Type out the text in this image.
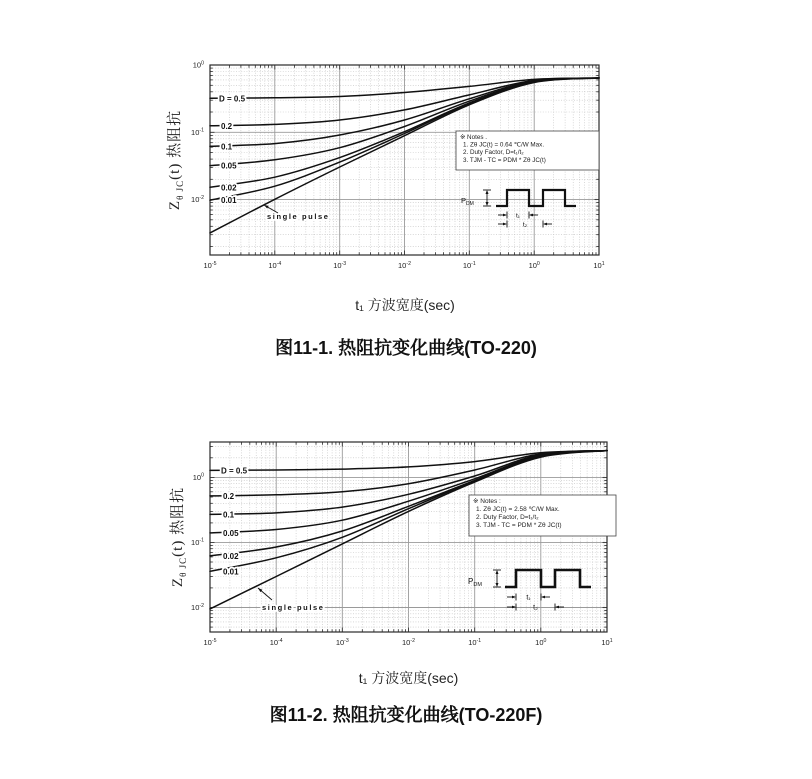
$10^{-5}$	$10^{-4}$	$10^{-3}$	$10^{-2}$	$10^{-1}$	$10^0$	$10^1$
$10^0$
$10^{-1}$
$10^{-2}$
D = 0.5
0.2
0.1
0.05
0.02
0.01
single pulse
※ Notes .
1. Zθ JC(t) = 0.64 ℃/W Max.
2. Duty Factor, D=t₁/t₂
3. TJM - TC = PDM * Zθ JC(t)
$P_{DM}$
t₁
t₂
$10^{-5}$	$10^{-4}$	$10^{-3}$	$10^{-2}$	$10^{-1}$	$10^0$	$10^1$
$10^0$
$10^{-1}$
$10^{-2}$
D = 0.5
0.2
0.1
0.05
0.02
0.01
single pulse
※ Notes :
1. Zθ JC(t) = 2.58 ℃/W Max.
2. Duty Factor, D=t₁/t₂
3. TJM - TC = PDM * Zθ JC(t)
$P_{DM}$
t₁
t₂
$Z_{\theta JC}(t)$ 热阻抗
t₁ 方波宽度(sec)
图11-1. 热阻抗变化曲线(TO-220)
$Z_{\theta JC}(t)$ 热阻抗
t₁ 方波宽度(sec)
图11-2. 热阻抗变化曲线(TO-220F)
